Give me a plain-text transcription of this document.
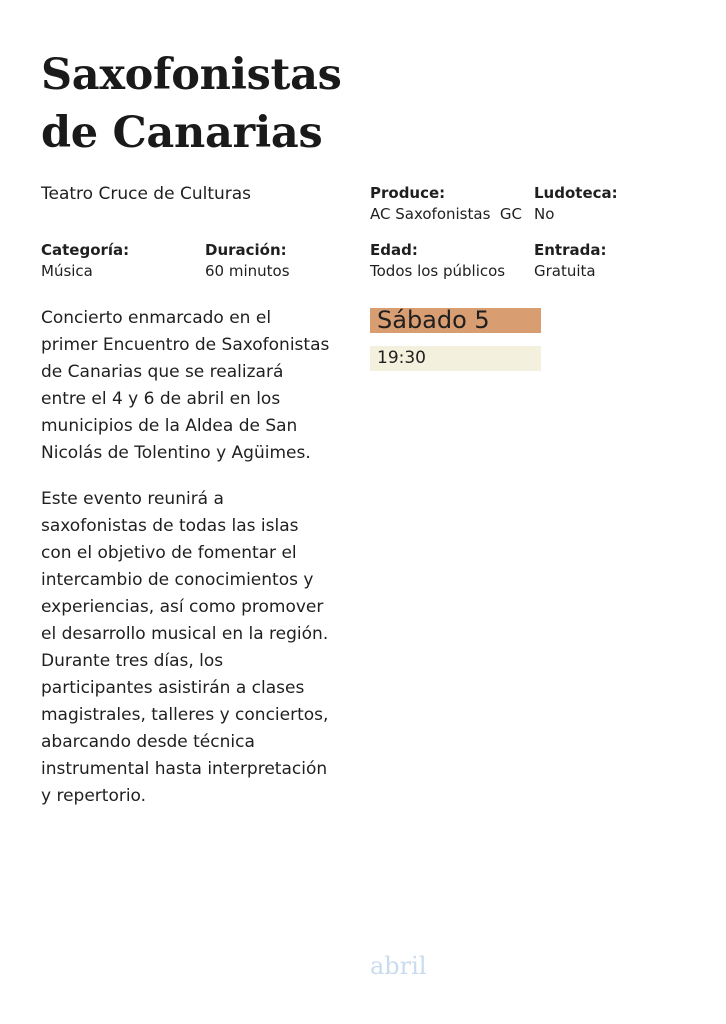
Saxofonistas
de Canarias
Teatro Cruce de Culturas
Categoría:
Música
Duración:
60 minutos
Produce:
AC Saxofonistas  GC
Ludoteca:
No
Edad:
Todos los públicos
Entrada:
Gratuita

Concierto enmarcado en el primer Encuentro de Saxofonistas de Canarias que se realizará entre el 4 y 6 de abril en los municipios de la Aldea de San Nicolás de Tolentino y Agüimes.

Este evento reunirá a saxofonistas de todas las islas con el objetivo de fomentar el intercambio de conocimientos y experiencias, así como promover el desarrollo musical en la región. Durante tres días, los participantes asistirán a clases magistrales, talleres y conciertos, abarcando desde técnica instrumental hasta interpretación y repertorio.

Sábado 5
19:30
abril
